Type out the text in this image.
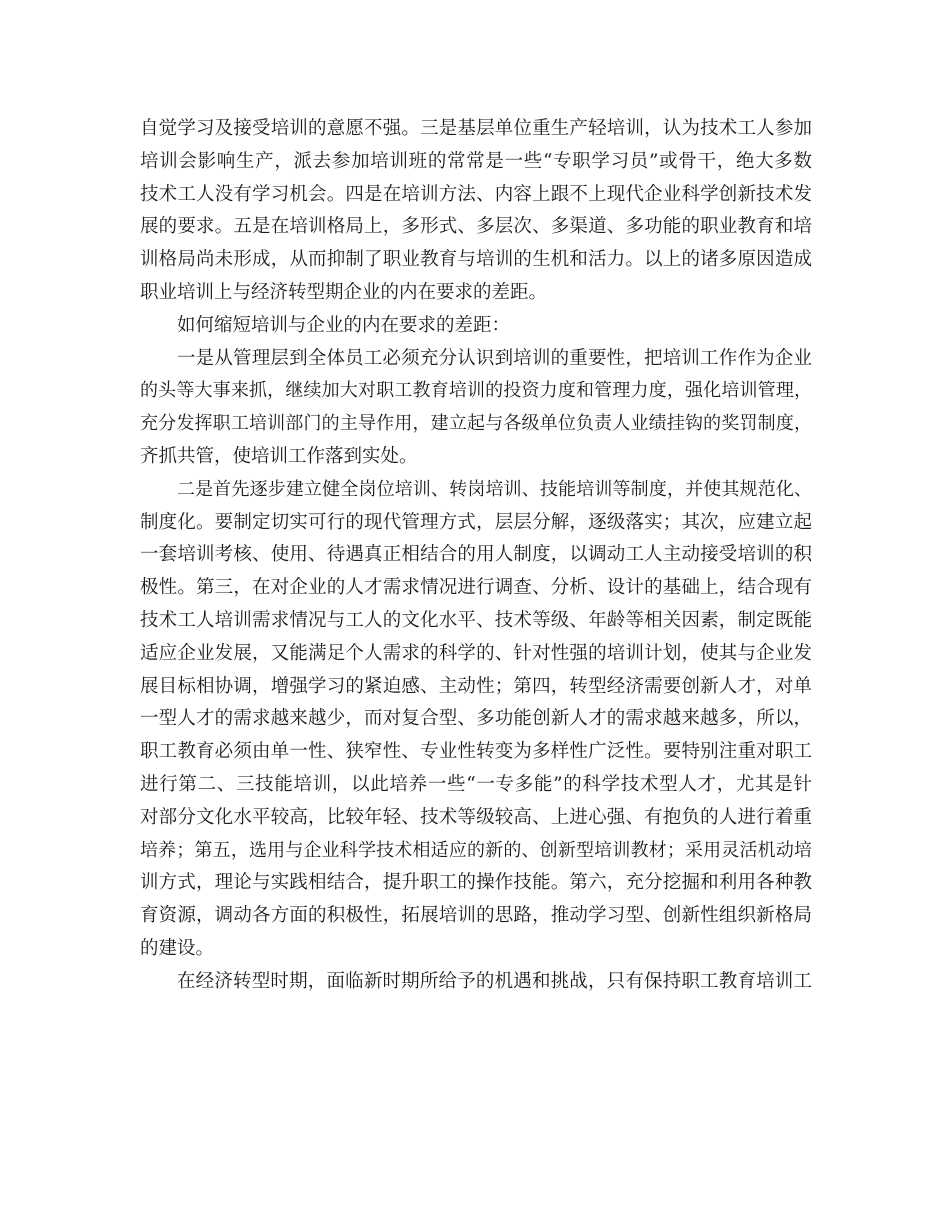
自觉学习及接受培训的意愿不强。三是基层单位重生产轻培训，认为技术工人参加
培训会影响生产，派去参加培训班的常常是一些“专职学习员”或骨干，绝大多数
技术工人没有学习机会。四是在培训方法、内容上跟不上现代企业科学创新技术发
展的要求。五是在培训格局上，多形式、多层次、多渠道、多功能的职业教育和培
训格局尚未形成，从而抑制了职业教育与培训的生机和活力。以上的诸多原因造成
职业培训上与经济转型期企业的内在要求的差距。
如何缩短培训与企业的内在要求的差距：
一是从管理层到全体员工必须充分认识到培训的重要性，把培训工作作为企业
的头等大事来抓，继续加大对职工教育培训的投资力度和管理力度，强化培训管理，
充分发挥职工培训部门的主导作用，建立起与各级单位负责人业绩挂钩的奖罚制度，
齐抓共管，使培训工作落到实处。
二是首先逐步建立健全岗位培训、转岗培训、技能培训等制度，并使其规范化、
制度化。要制定切实可行的现代管理方式，层层分解，逐级落实；其次，应建立起
一套培训考核、使用、待遇真正相结合的用人制度，以调动工人主动接受培训的积
极性。第三，在对企业的人才需求情况进行调查、分析、设计的基础上，结合现有
技术工人培训需求情况与工人的文化水平、技术等级、年龄等相关因素，制定既能
适应企业发展，又能满足个人需求的科学的、针对性强的培训计划，使其与企业发
展目标相协调，增强学习的紧迫感、主动性；第四，转型经济需要创新人才，对单
一型人才的需求越来越少，而对复合型、多功能创新人才的需求越来越多，所以，
职工教育必须由单一性、狭窄性、专业性转变为多样性广泛性。要特别注重对职工
进行第二、三技能培训，以此培养一些“一专多能”的科学技术型人才，尤其是针
对部分文化水平较高，比较年轻、技术等级较高、上进心强、有抱负的人进行着重
培养；第五，选用与企业科学技术相适应的新的、创新型培训教材；采用灵活机动培
训方式，理论与实践相结合，提升职工的操作技能。第六，充分挖掘和利用各种教
育资源，调动各方面的积极性，拓展培训的思路，推动学习型、创新性组织新格局
的建设。
在经济转型时期，面临新时期所给予的机遇和挑战，只有保持职工教育培训工
